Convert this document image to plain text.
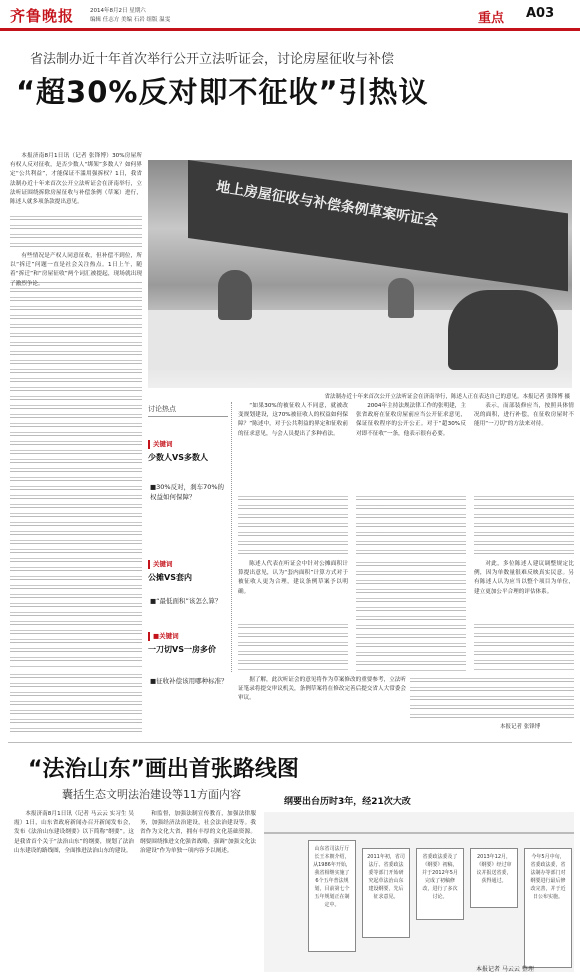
齐鲁晚报	2014年8月2日 星期六
编辑 任志方 美编 石岩 组版 温雯	重点 A03
省法制办近十年首次举行公开立法听证会，讨论房屋征收与补偿
“超30%反对即不征收”引热议
地上房屋征收与补偿条例草案听证会
省法制办近十年来首次公开立法听证会在济南举行，陈述人正在表达自己的意见。本报记者 张锋博 摄

本报济南8月1日讯（记者 张锋博）30%房屋所有权人反对征收，是否少数人“绑架”多数人？如何界定“公共利益”，才能保证不滥用强拆权？1日，我省法制办近十年来首次公开立法听证会在济南举行，立法听证围绕拆除房屋征收与补偿条例（草案）进行，陈述人就多项条款提出意见。

有些情况是产权人同意征收，但补偿不到位，所以“拆迁”问题一直是社会关注热点。1日上午，随着“拆迁”和“房屋征收”两个词汇被提起，现场就出现了激烈争论。

讨论热点
关键词
少数人VS多数人
■30%反对，刹车70%的权益如何保障？
关键词
公摊VS套内
■“最低面积”该怎么算？
■关键词
一刀切VS一房多价
■征收补偿该用哪种标准？

“如果30%的被征收人不同意，就被改变规划建设，这70%被征收人的权益如何保障？”陈述中，对于公共利益的界定和征收前的征求意见，与会人员提出了多种看法。

2004年主持法规法律工作的张明建，主张省政府在征收房屋前应当公开征求意见，保证征收程序的公开公正。对于“超30%反对即不征收”一条，他表示很有必要。

表示，而部装修应当，按照具体情况的面积，进行补偿，在征收房屋时不能用“一刀切”的方法来对待。

陈述人代表在听证会中针对公摊面积计算提出意见，认为“套内面积”计算方式对于被征收人更为合理，建议条例草案予以明确。

对此，多位陈述人建议调整规定比例，因为单数量很难反映真实民意。另有陈述人认为应当以整个项目为单位，建立更加公平合理的评估体系。

据了解，此次听证会的意见将作为草案修改的重要参考，立法听证笔录将提交审议机关，条例草案将在修改完善后提交省人大常委会审议。

本报记者 张锋博
“法治山东”画出首张路线图
囊括生态文明法治建设等11方面内容

本报济南8月1日讯（记者 马云云 实习生 吴霞）1日，山东省政府新闻办召开新闻发布会，发布《法治山东建设纲要》以下简称“纲要”。这是我省首个关于“法治山东”的纲要，规划了法治山东建设的路线图，全面推进法治山东的建设。

和监督，加强法制宣传教育，加强法律服务，加强经济法治建设，社会法治建设等。我省作为文化大省，拥有丰厚的文化基础资源。纲要围绕推进文化强省战略，强调“加强文化法治建设”作为单独一项内容予以阐述。

纲要出台历时3年，经21次大改
山东省司法厅厅长王本朝介绍，从1986年开始，我省相继实施了6个五年普法规划，目前第七个五年规划正在制定中。
2011年初，省司法厅、省委政法委等部门开始研究起草法治山东建设纲要，先后征求意见。
省委政法委及了《纲要》初稿，并于2012年5月完成了初稿修改，进行了多次讨论。
2013年12月，《纲要》经过审议并报送省委，获得通过。
今年5月中旬，省委政法委，省法制办等部门对纲要进行最后修改完善，并于近日公布实施。
本报记者 马云云 整理
